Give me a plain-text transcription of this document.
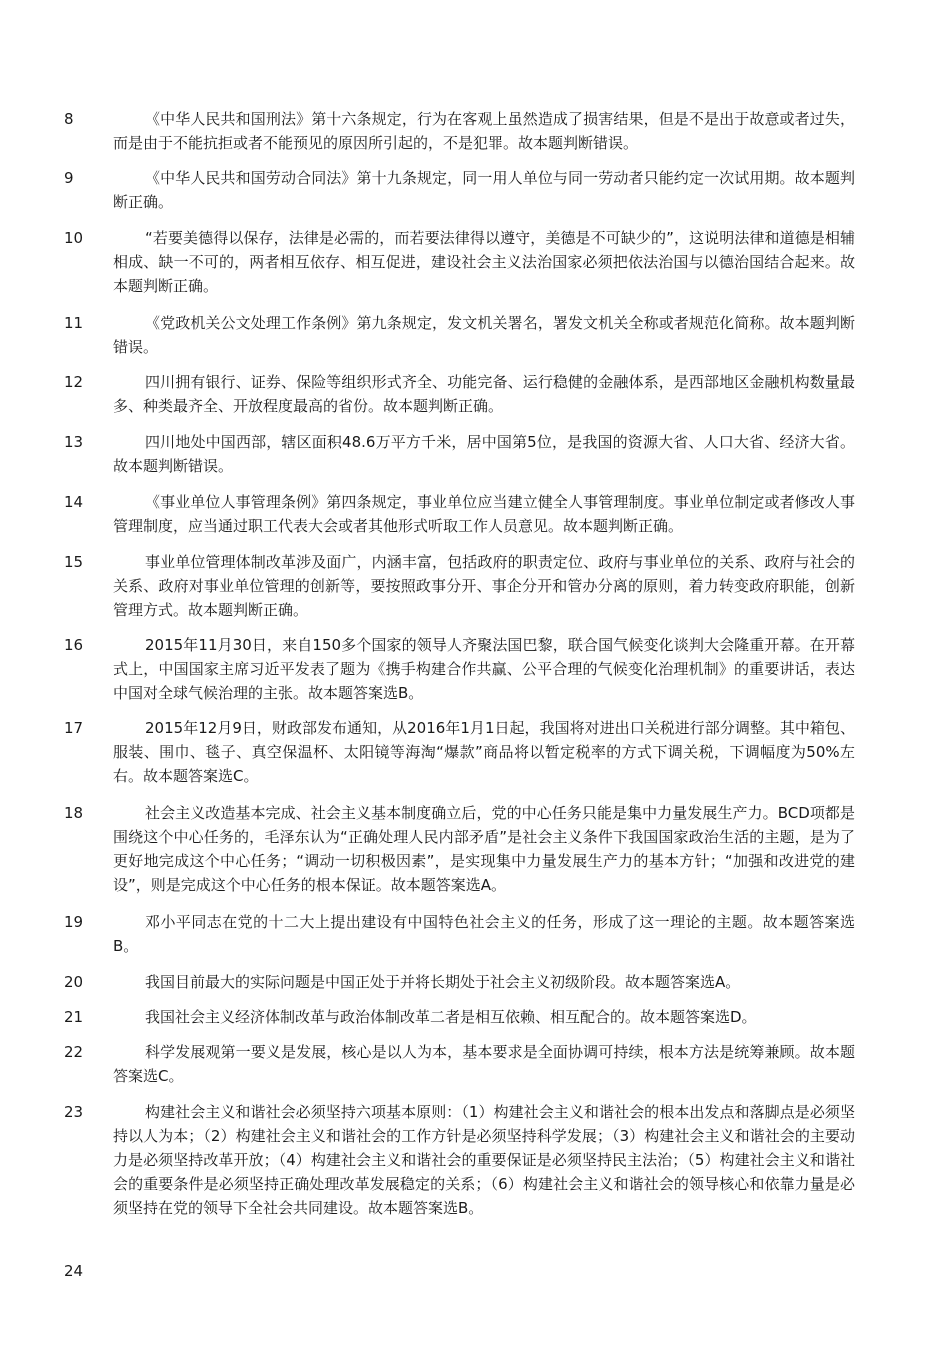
8	《中华人民共和国刑法》第十六条规定，行为在客观上虽然造成了损害结果，但是不是出于故意或者过失，而是由于不能抗拒或者不能预见的原因所引起的，不是犯罪。故本题判断错误。
9	《中华人民共和国劳动合同法》第十九条规定，同一用人单位与同一劳动者只能约定一次试用期。故本题判断正确。
10	“若要美德得以保存，法律是必需的，而若要法律得以遵守，美德是不可缺少的”，这说明法律和道德是相辅相成、缺一不可的，两者相互依存、相互促进，建设社会主义法治国家必须把依法治国与以德治国结合起来。故本题判断正确。
11	《党政机关公文处理工作条例》第九条规定，发文机关署名，署发文机关全称或者规范化简称。故本题判断错误。
12	四川拥有银行、证券、保险等组织形式齐全、功能完备、运行稳健的金融体系，是西部地区金融机构数量最多、种类最齐全、开放程度最高的省份。故本题判断正确。
13	四川地处中国西部，辖区面积48.6万平方千米，居中国第5位，是我国的资源大省、人口大省、经济大省。故本题判断错误。
14	《事业单位人事管理条例》第四条规定，事业单位应当建立健全人事管理制度。事业单位制定或者修改人事管理制度，应当通过职工代表大会或者其他形式听取工作人员意见。故本题判断正确。
15	事业单位管理体制改革涉及面广，内涵丰富，包括政府的职责定位、政府与事业单位的关系、政府与社会的关系、政府对事业单位管理的创新等，要按照政事分开、事企分开和管办分离的原则，着力转变政府职能，创新管理方式。故本题判断正确。
16	2015年11月30日，来自150多个国家的领导人齐聚法国巴黎，联合国气候变化谈判大会隆重开幕。在开幕式上，中国国家主席习近平发表了题为《携手构建合作共赢、公平合理的气候变化治理机制》的重要讲话，表达中国对全球气候治理的主张。故本题答案选B。
17	2015年12月9日，财政部发布通知，从2016年1月1日起，我国将对进出口关税进行部分调整。其中箱包、服装、围巾、毯子、真空保温杯、太阳镜等海淘“爆款”商品将以暂定税率的方式下调关税，下调幅度为50%左右。故本题答案选C。
18	社会主义改造基本完成、社会主义基本制度确立后，党的中心任务只能是集中力量发展生产力。BCD项都是围绕这个中心任务的，毛泽东认为“正确处理人民内部矛盾”是社会主义条件下我国国家政治生活的主题，是为了更好地完成这个中心任务；“调动一切积极因素”，是实现集中力量发展生产力的基本方针；“加强和改进党的建设”，则是完成这个中心任务的根本保证。故本题答案选A。
19	邓小平同志在党的十二大上提出建设有中国特色社会主义的任务，形成了这一理论的主题。故本题答案选B。
20	我国目前最大的实际问题是中国正处于并将长期处于社会主义初级阶段。故本题答案选A。
21	我国社会主义经济体制改革与政治体制改革二者是相互依赖、相互配合的。故本题答案选D。
22	科学发展观第一要义是发展，核心是以人为本，基本要求是全面协调可持续，根本方法是统筹兼顾。故本题答案选C。
23	构建社会主义和谐社会必须坚持六项基本原则：（1）构建社会主义和谐社会的根本出发点和落脚点是必须坚持以人为本；（2）构建社会主义和谐社会的工作方针是必须坚持科学发展；（3）构建社会主义和谐社会的主要动力是必须坚持改革开放；（4）构建社会主义和谐社会的重要保证是必须坚持民主法治；（5）构建社会主义和谐社会的重要条件是必须坚持正确处理改革发展稳定的关系；（6）构建社会主义和谐社会的领导核心和依靠力量是必须坚持在党的领导下全社会共同建设。故本题答案选B。
24
